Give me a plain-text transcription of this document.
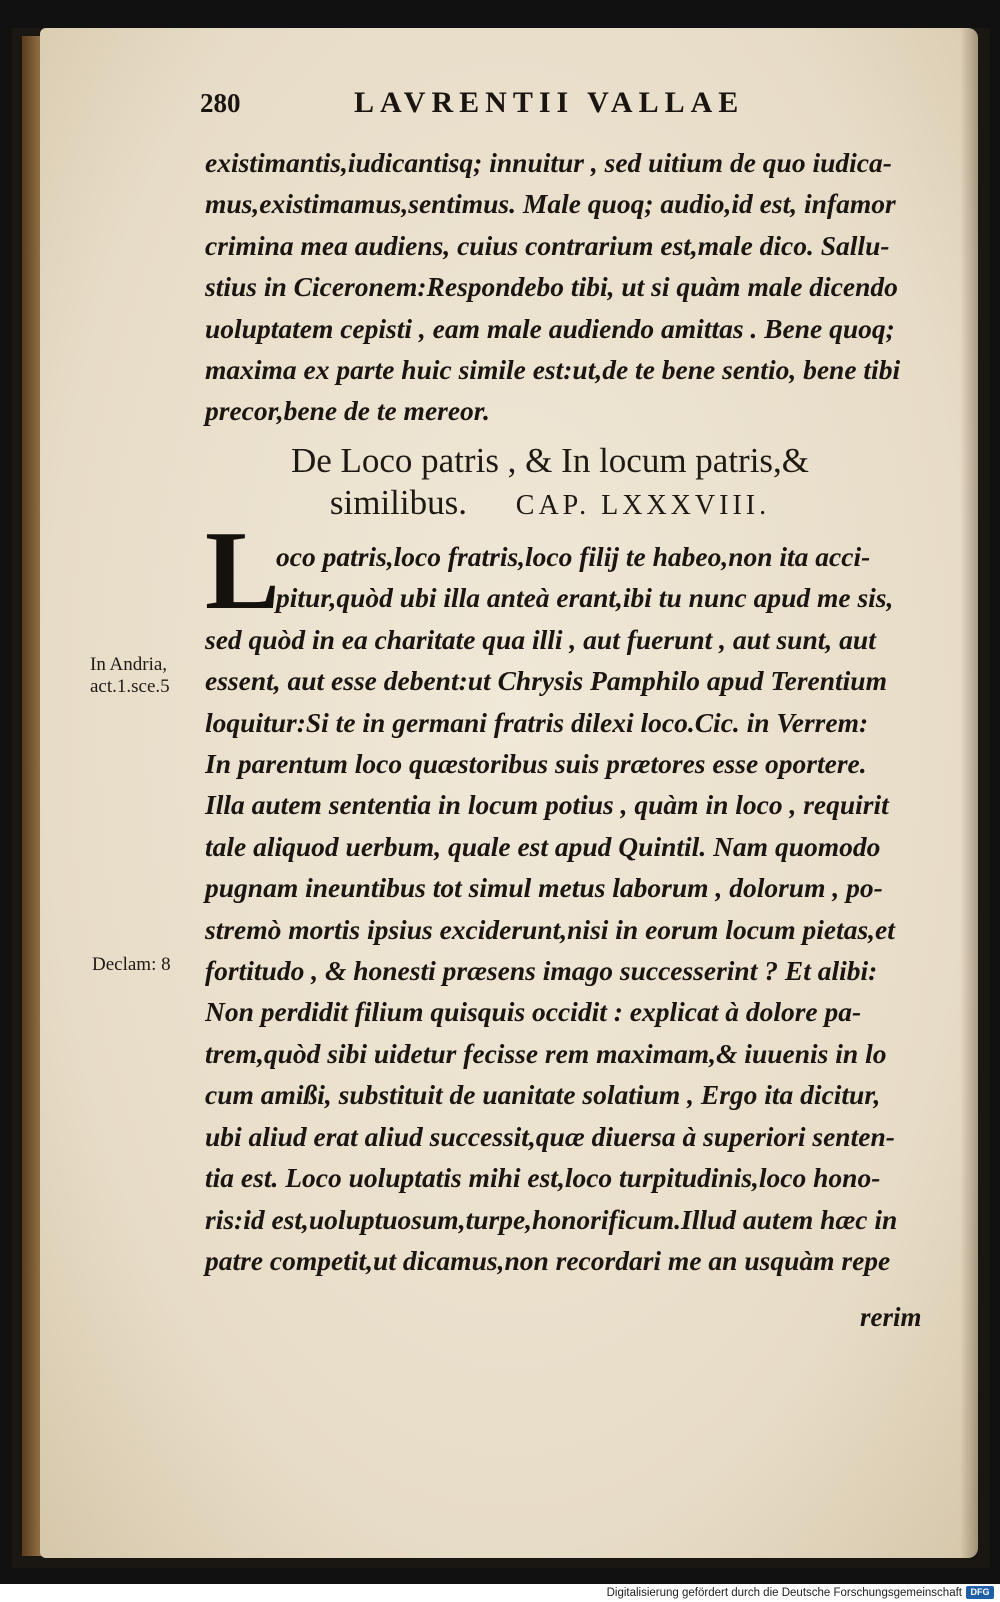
280	LAVRENTII VALLAE
existimantis,iudicantisq; innuitur , sed uitium de quo iudica-
mus,existimamus,sentimus. Male quoq; audio,id est, infamor
crimina mea audiens, cuius contrarium est,male dico. Sallu-
stius in Ciceronem:Respondebo tibi, ut si quàm male dicendo
uoluptatem cepisti , eam male audiendo amittas . Bene quoq;
maxima ex parte huic simile est:ut,de te bene sentio, bene tibi
precor,bene de te mereor.
De Loco patris , & In locum patris,&
similibus. CAP. LXXXVIII.
L
oco patris,loco fratris,loco filij te habeo,non ita acci-
pitur,quòd ubi illa anteà erant,ibi tu nunc apud me sis,
sed quòd in ea charitate qua illi , aut fuerunt , aut sunt, aut
essent, aut esse debent:ut Chrysis Pamphilo apud Terentium
loquitur:Si te in germani fratris dilexi loco.Cic. in Verrem:
In parentum loco quæstoribus suis prætores esse oportere.
Illa autem sententia in locum potius , quàm in loco , requirit
tale aliquod uerbum, quale est apud Quintil. Nam quomodo
pugnam ineuntibus tot simul metus laborum , dolorum , po-
stremò mortis ipsius exciderunt,nisi in eorum locum pietas,et
fortitudo , & honesti præsens imago successerint ? Et alibi:
Non perdidit filium quisquis occidit : explicat à dolore pa-
trem,quòd sibi uidetur fecisse rem maximam,& iuuenis in lo
cum amißi, substituit de uanitate solatium , Ergo ita dicitur,
ubi aliud erat aliud successit,quæ diuersa à superiori senten-
tia est. Loco uoluptatis mihi est,loco turpitudinis,loco hono-
ris:id est,uoluptuosum,turpe,honorificum.Illud autem hæc in
patre competit,ut dicamus,non recordari me an usquàm repe
rerim
In Andria,
act.1.sce.5
Declam: 8
Digitalisierung gefördert durch die Deutsche Forschungsgemeinschaft DFG
